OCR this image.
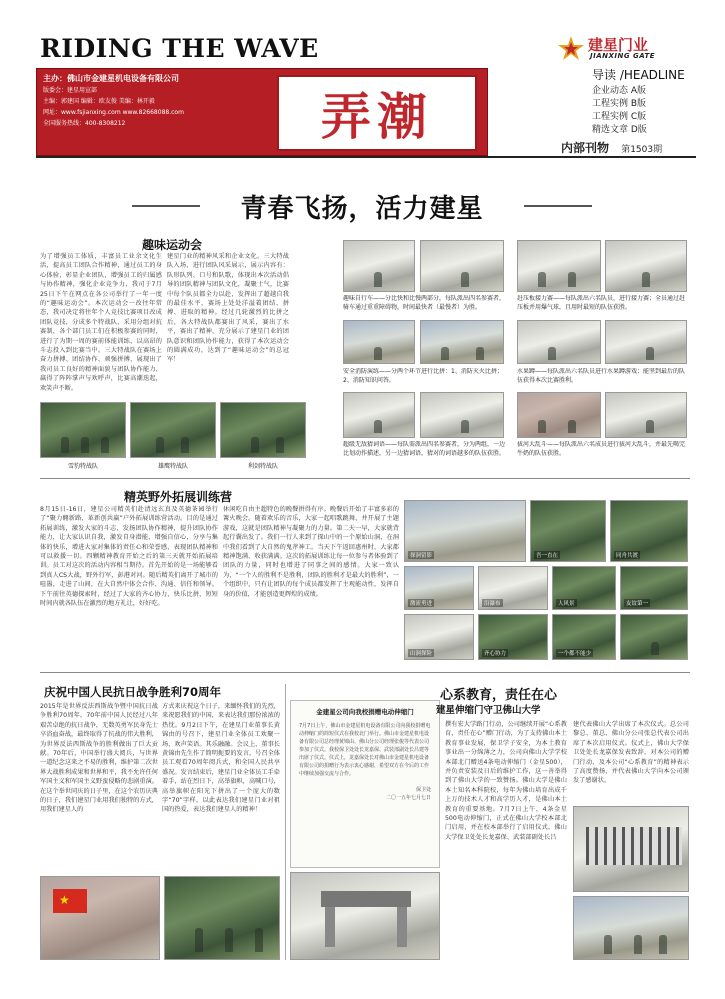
RIDING THE WAVE
主办：佛山市金建星机电设备有限公司
版委会：建星用宣部
主编：郭建国 编辑：欧友俊 美编：林开毅
网址：www.fsjianxing.com www.82668088.com
全国服务热线：400-8308212	弄潮
建星门业
JIANXING GATE
导读 /HEADLINE
企业动态 A版
工程实例 B版
工程实例 C版
精选文章 D版
内部刊物 第1503期
青春飞扬，活力建星
趣味运动会
为了增强员工体质，丰富员工业余文化生活，提高员工团队合作精神，通过员工的身心体验，彰显企业团队，增强员工的归属感与协作精神，强化企业竞争力，我司于7月25日下午在网点在各公司举行了一年一度的“趣味运动会”。本次运动会一改往年常态，我司决定将往年个人竞技比赛项目改成团队竞技，分成多个特战队，采用分组对抗赛制，各个部门员工们在积极参赛的同时，进行了为期一周的赛前体能训练，以高昂的斗志投入到比赛当中。三大特战队在赛场上奋力拼搏、团结协作、顽强拼搏，展现出了我司员工良好的精神面貌与团队协作能力，赢得了阵阵掌声与欢呼声，比赛高潮迭起，欢笑声不断。
建星门业的精神风采和企业文化。三大特战队入场，进行团队风采展示，展示内容有：队形队列、口号和队歌，体现出本次活动倡导的团队精神与团队文化，凝聚士气，比赛中每个队员都全力以赴，发挥出了超越自我的最佳水平，赛场上处处洋溢着团结、拼搏、进取的精神。经过几轮激烈的比拼之后，各大特战队都赛出了风采，赛出了水平，赛出了精神，充分展示了建星门业的团队意识和团队协作能力，获得了本次运动会的圆满成功，达到了“趣味运动会”的总冠军！
趣味自行车——分比快和比慢两部分，每队派出四名参赛者，骑车通过重重障碍物，时间最快者（最慢者）为胜。
赶压板接力赛——每队派出六名队员，进行接力赛；全员通过赶压板并用爆气球，且用时最短的队伍获胜。
安全消防演练——分两个环节进行比拼：1、消防灭火比拼；2、消防知识问答。
水果蹲——每队派出六名队员进行水果蹲游戏；能坚到最后的队伍获得本次比赛胜利。
超级无敌猜词语——每队需派出四名参赛者，分为两组，一边比划动作描述，另一边猜词语，猜对的词语越多的队伍获胜。
拔河大乱斗——每队派出六名成员进行拔河大乱斗，并最先喝完牛奶的队伍获胜。
雪豹特战队	雄鹰特战队	利剑特战队
精英野外拓展训练营
8月15日-16日，建星公司精英们赴清远玄真及英德茶园举行了“聚力翱新路，革新创共赢”户外拓展训练营活动。目的是通过拓展训练，激发大家的斗志，发扬团队协作精神，提升团队协作能力，让大家认识自我，激发自身潜能，增强自信心，分享与集体的快乐，增进大家对集体的责任心和荣誉感，表现团队精神和可以救援一切。四颗精神教育开始之后的第三天就开始拓展培训。员工对这次的活动内容相当期待。首先开始的是一场能够看到真人CS大战，野外行军，彭港对河。随后精英们离开了城市的喧嚣，走进了山间，在大自然中体会合作、沟通、信任和领导。下午前往英德探索时，经过了大家的齐心协力，快乐比拼，短短时间内就各队伍在激烈的地方礼让，好好吃。
休闲吃自由主超特色的晚餐拼得有序。晚餐后开始了丰富多彩的篝火晚会。随着欢乐的音乐，大家一起唱歌跳舞，并开展了主题游戏，这就是团队精神与凝聚力的力量。第二天一早，大家就背起行囊出发了。我们一行人来到了探山中的一个原始山洞，在洞中我们看到了大自然的鬼斧神工。当天下午返回惠州时，大家都精神饱满、收获满满。这次的拓展训练让每一位参与者体验到了团队的力量，同时也增进了同事之间的感情。大家一致认为，“一个人的胜利不是胜利，团队的胜利才是最大的胜利”，一个组织中，只有让团队的每个成员都发挥了主观能动性，发挥自身的价值，才能创造更辉煌的成绩。
探洞留影	吾一直在	同舟共渡
激流勇进	沿瀑布	人风景	友谊第一
山洞探险	齐心协力	一个都不能少
庆祝中国人民抗日战争胜利70周年
2015年是世界反法西斯战争暨中国抗日战争胜利70周年。70年前中国人民经过八年艰苦卓绝的抗日战争，无数英勇军民身先士卒浴血奋战，最终取得了抗战的伟大胜利，为世界反法西斯战争的胜利做出了巨大贡献。70年后，中国举行盛大阅兵，与世界一道纪念这来之不易的胜利，维护第二次世界大战胜利成果和世界和平，我不允许任何军国主义和军国主义野蛮侵略的悲剧重演。在这个举世同庆的日子里，在这个农历庆典的日子，我们建星门业用我们独特的方式，用我们建星人的
方式来庆祝这个日子，来缅怀我们的先烈，来祝愿我们的中国，来表达我们那份浓浓的热忱。9月2日下午，在建星门业董事长黄锦由的号召下，建星门业全体员工欢聚一场，欢声笑语。其乐融融。会议上，董事长黄锦由先生作了简明扼要的发言，号召全体员工观看70周年阅兵式，和全国人民共享盛况。发言结束后，建星门业全体员工手牵着手，站在烈日下，高举旗帜，高喊口号，高举旗帜在阳光下拼出了一个庞大的数字“70”字样，以此表达我们建星门业对祖国的热爱，表达我们建星人的精神！
★
金建星公司向我校捐赠电动伸缩门
7月7日上午，佛山市金建星机电设备有限公司向我校捐赠电动伸缩门的简短仪式在我校北门举行。佛山市金建星机电设备有限公司总经理黄锦由、佛山分公司经理张俊等代表公司参加了仪式。我校保卫处处长龙嘉保、武装部副处长吕建等出席了仪式。仪式上，龙嘉保处长对佛山市金建星机电设备有限公司的捐赠行为表示衷心感谢，希望双方在今后的工作中继续加强交流与合作。
保卫处
二〇一五年七月七日
心系教育，责任在心
建星伸缩门守卫佛山大学
撰有宏大学路门行动，公司继续开展“心系教育，责任在心”赠门行动，为了支持佛山本土教育事业发展，保卫学子安全，为本土教育事业出一分绵薄之力，公司向佛山大学学校本部北门赠送4条电动伸缩门（金星500），并负责安装及日后的维护工作，这一善举得到了佛山大学的一致赞扬。佛山大学是佛山本土知名本科院校，每年为佛山培育出成千上万的技术人才和高学历人才，是佛山本土教育的重要基地。7月7日上午，4条金星500电动伸缩门，正式在佛山大学校本部北门启用，并在校本部举行了启用仪式。佛山大学保卫处处长龙嘉保、武装部副处长吕
建代表佛山大学出席了本次仪式。总公司黎总、董总、佛山分公司张总代表公司出席了本次启用仪式。仪式上，佛山大学保卫处处长龙嘉保发表致辞，对本公司的赠门行动，及本公司“心系教育”的精神表示了高度赞扬，并代表佛山大学向本公司颁发了感谢状。
